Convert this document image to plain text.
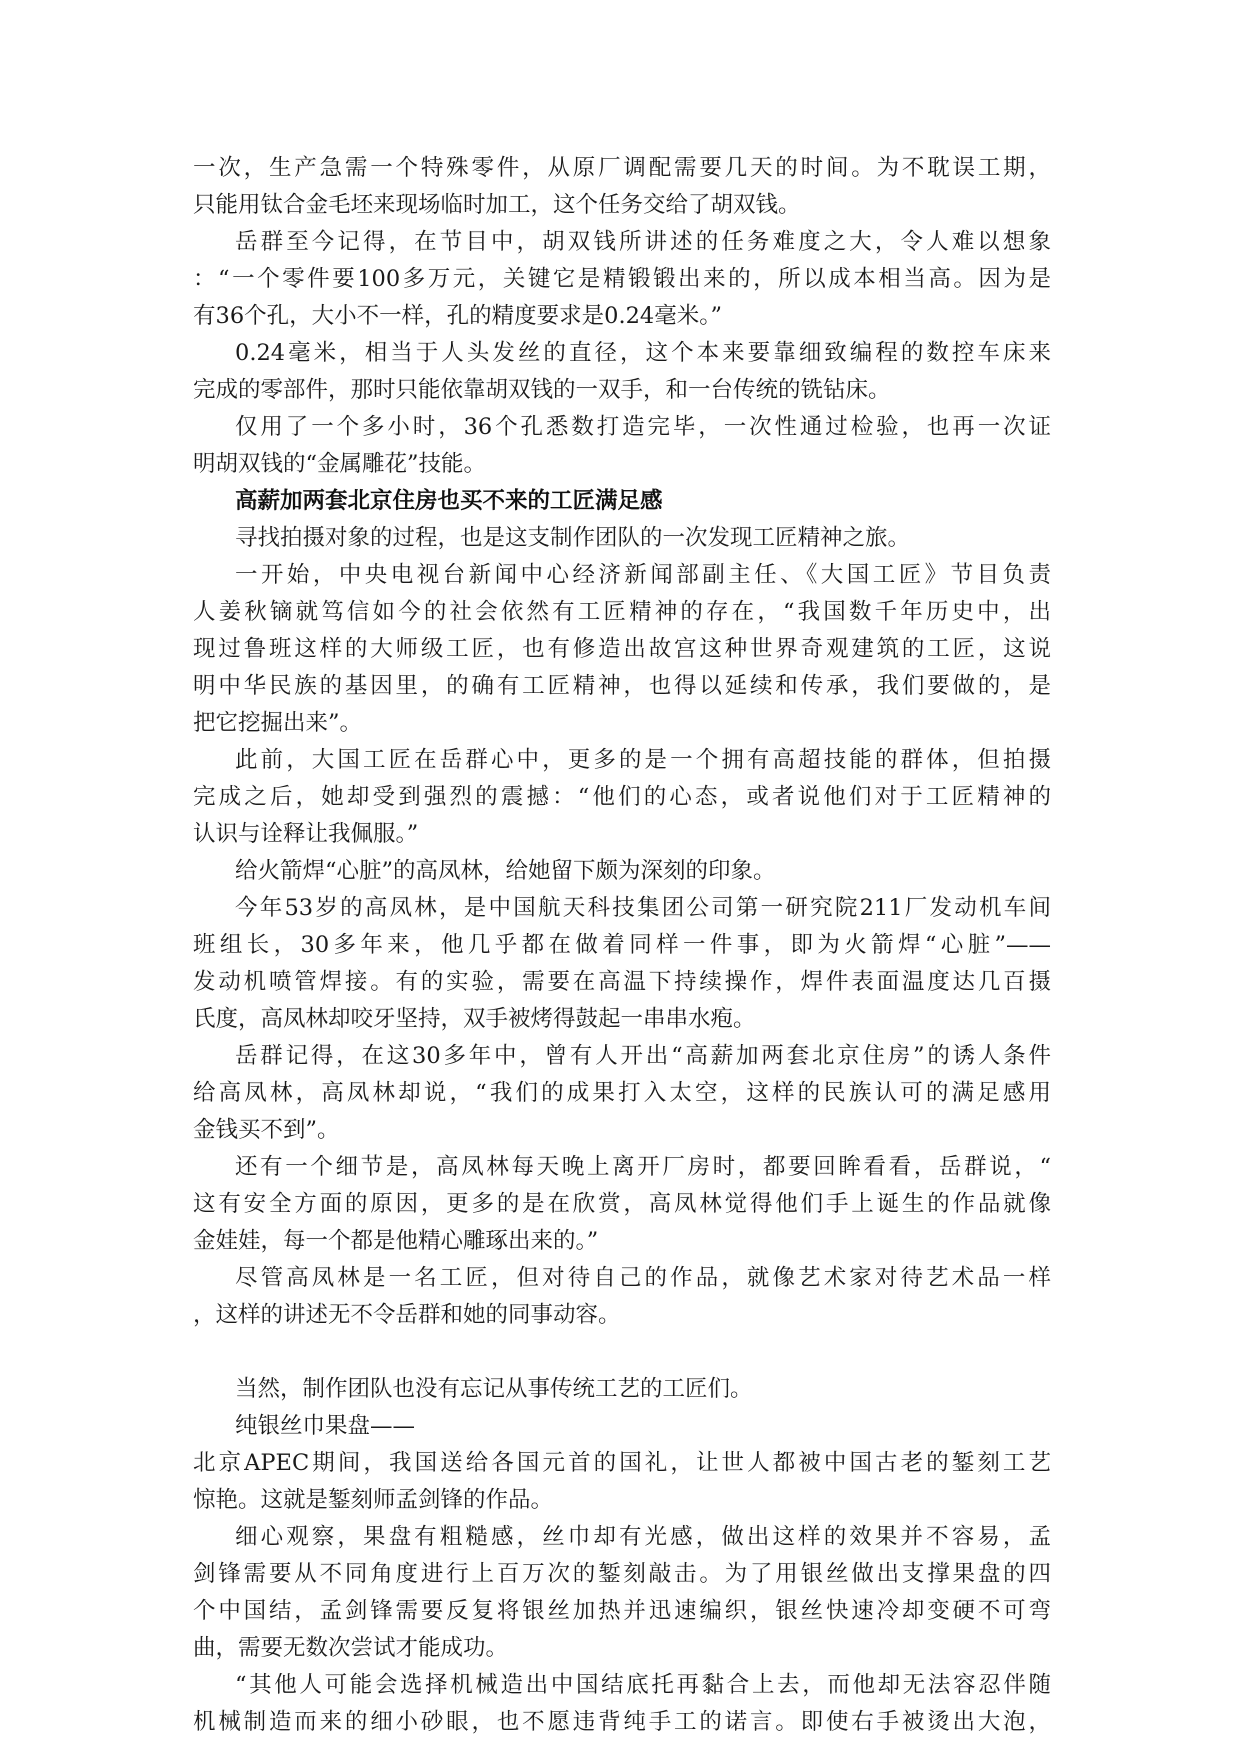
一次，生产急需一个特殊零件，从原厂调配需要几天的时间。为不耽误工期，
只能用钛合金毛坯来现场临时加工，这个任务交给了胡双钱。
岳群至今记得，在节目中，胡双钱所讲述的任务难度之大，令人难以想象
：“一个零件要100多万元，关键它是精锻锻出来的，所以成本相当高。因为是
有36个孔，大小不一样，孔的精度要求是0.24毫米。”
0.24毫米，相当于人头发丝的直径，这个本来要靠细致编程的数控车床来
完成的零部件，那时只能依靠胡双钱的一双手，和一台传统的铣钻床。
仅用了一个多小时，36个孔悉数打造完毕，一次性通过检验，也再一次证
明胡双钱的“金属雕花”技能。
高薪加两套北京住房也买不来的工匠满足感
寻找拍摄对象的过程，也是这支制作团队的一次发现工匠精神之旅。
一开始，中央电视台新闻中心经济新闻部副主任、《大国工匠》节目负责
人姜秋镝就笃信如今的社会依然有工匠精神的存在，“我国数千年历史中，出
现过鲁班这样的大师级工匠，也有修造出故宫这种世界奇观建筑的工匠，这说
明中华民族的基因里，的确有工匠精神，也得以延续和传承，我们要做的，是
把它挖掘出来”。
此前，大国工匠在岳群心中，更多的是一个拥有高超技能的群体，但拍摄
完成之后，她却受到强烈的震撼：“他们的心态，或者说他们对于工匠精神的
认识与诠释让我佩服。”
给火箭焊“心脏”的高凤林，给她留下颇为深刻的印象。
今年53岁的高凤林，是中国航天科技集团公司第一研究院211厂发动机车间
班组长，30多年来，他几乎都在做着同样一件事，即为火箭焊“心脏”——
发动机喷管焊接。有的实验，需要在高温下持续操作，焊件表面温度达几百摄
氏度，高凤林却咬牙坚持，双手被烤得鼓起一串串水疱。
岳群记得，在这30多年中，曾有人开出“高薪加两套北京住房”的诱人条件
给高凤林，高凤林却说，“我们的成果打入太空，这样的民族认可的满足感用
金钱买不到”。
还有一个细节是，高凤林每天晚上离开厂房时，都要回眸看看，岳群说，“
这有安全方面的原因，更多的是在欣赏，高凤林觉得他们手上诞生的作品就像
金娃娃，每一个都是他精心雕琢出来的。”
尽管高凤林是一名工匠，但对待自己的作品，就像艺术家对待艺术品一样
，这样的讲述无不令岳群和她的同事动容。
当然，制作团队也没有忘记从事传统工艺的工匠们。
纯银丝巾果盘——
北京APEC期间，我国送给各国元首的国礼，让世人都被中国古老的錾刻工艺
惊艳。这就是錾刻师孟剑锋的作品。
细心观察，果盘有粗糙感，丝巾却有光感，做出这样的效果并不容易，孟
剑锋需要从不同角度进行上百万次的錾刻敲击。为了用银丝做出支撑果盘的四
个中国结，孟剑锋需要反复将银丝加热并迅速编织，银丝快速冷却变硬不可弯
曲，需要无数次尝试才能成功。
“其他人可能会选择机械造出中国结底托再黏合上去，而他却无法容忍伴随
机械制造而来的细小砂眼，也不愿违背纯手工的诺言。即使右手被烫出大泡，
